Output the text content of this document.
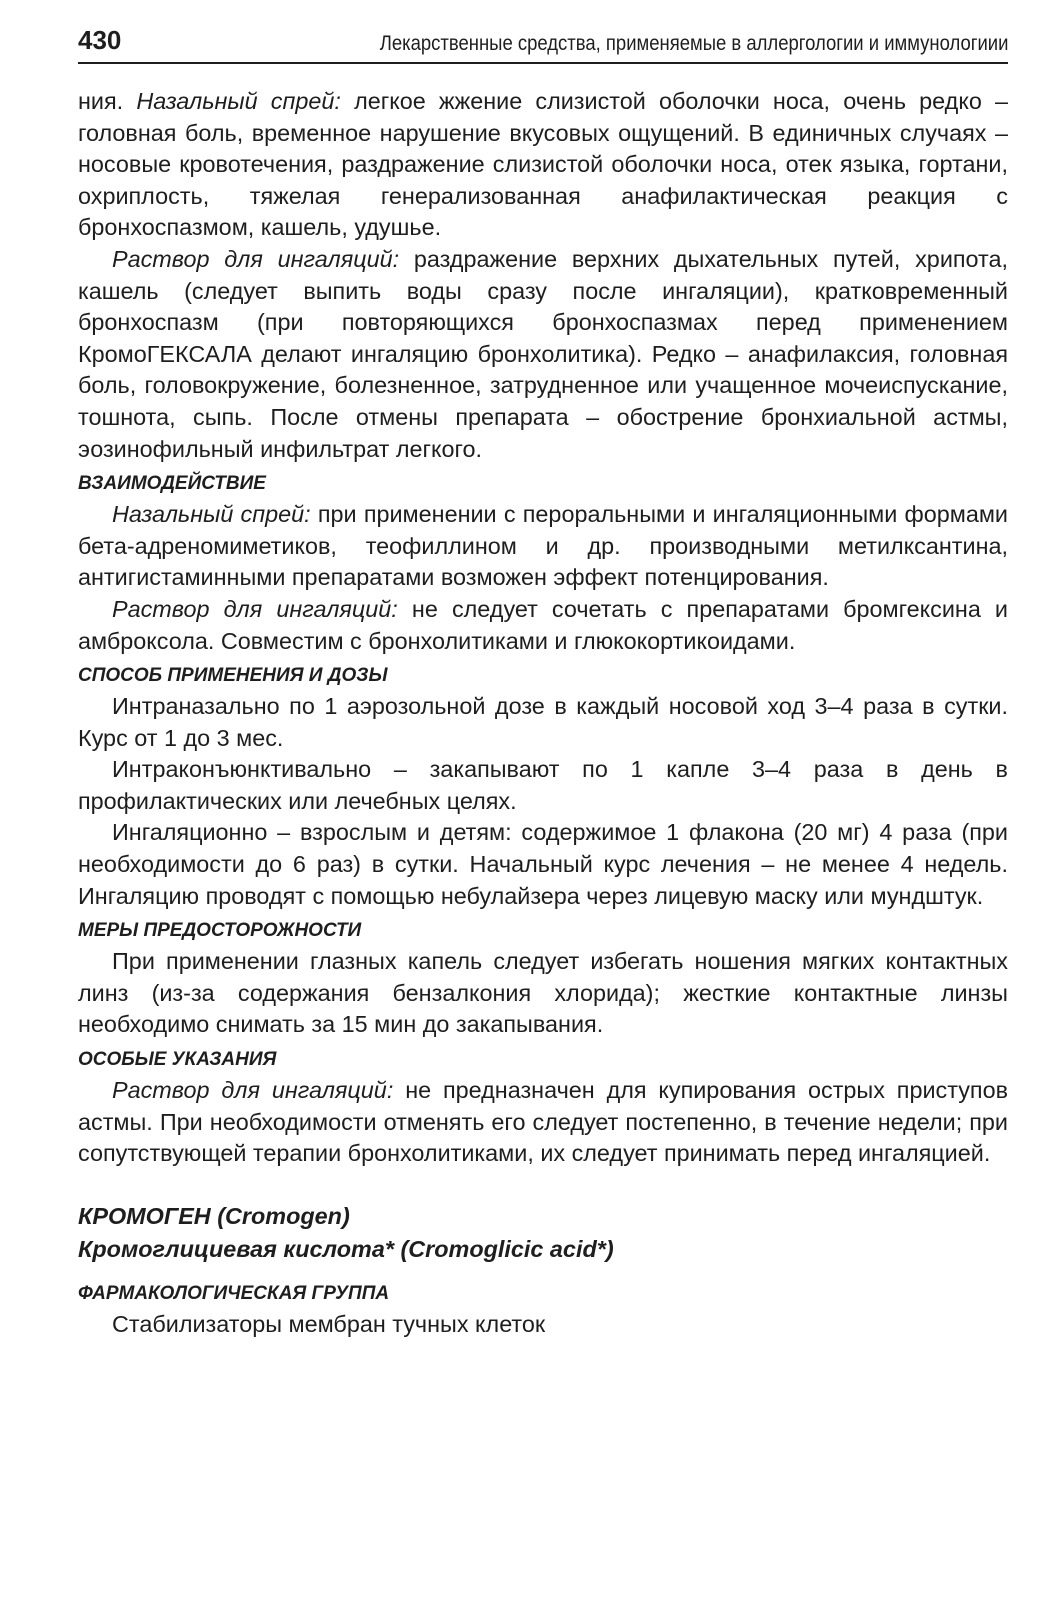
430	Лекарственные средства, применяемые в аллергологии и иммунологиии

ния. Назальный спрей: легкое жжение слизистой оболочки носа, очень редко – головная боль, временное нарушение вкусовых ощущений. В единичных случаях – носовые кровотечения, раздражение слизистой оболочки носа, отек языка, гортани, охриплость, тяжелая генерализованная анафилактическая реакция с бронхоспазмом, кашель, удушье.

Раствор для ингаляций: раздражение верхних дыхательных путей, хрипота, кашель (следует выпить воды сразу после ингаляции), кратковременный бронхоспазм (при повторяющихся бронхоспазмах перед применением КромоГЕКСАЛА делают ингаляцию бронхолитика). Редко – анафилаксия, головная боль, головокружение, болезненное, затрудненное или учащенное мочеиспускание, тошнота, сыпь. После отмены препарата – обострение бронхиальной астмы, эозинофильный инфильтрат легкого.

ВЗАИМОДЕЙСТВИЕ

Назальный спрей: при применении с пероральными и ингаляционными формами бета-адреномиметиков, теофиллином и др. производными метилксантина, антигистаминными препаратами возможен эффект потенцирования.

Раствор для ингаляций: не следует сочетать с препаратами бромгексина и амброксола. Совместим с бронхолитиками и глюкокортикоидами.

СПОСОБ ПРИМЕНЕНИЯ И ДОЗЫ

Интраназально по 1 аэрозольной дозе в каждый носовой ход 3–4 раза в сутки. Курс от 1 до 3 мес.

Интраконъюнктивально – закапывают по 1 капле 3–4 раза в день в профилактических или лечебных целях.

Ингаляционно – взрослым и детям: содержимое 1 флакона (20 мг) 4 раза (при необходимости до 6 раз) в сутки. Начальный курс лечения – не менее 4 недель. Ингаляцию проводят с помощью небулайзера через лицевую маску или мундштук.

МЕРЫ ПРЕДОСТОРОЖНОСТИ

При применении глазных капель следует избегать ношения мягких контактных линз (из-за содержания бензалкония хлорида); жесткие контактные линзы необходимо снимать за 15 мин до закапывания.

ОСОБЫЕ УКАЗАНИЯ

Раствор для ингаляций: не предназначен для купирования острых приступов астмы. При необходимости отменять его следует постепенно, в течение недели; при сопутствующей терапии бронхолитиками, их следует принимать перед ингаляцией.

КРОМОГЕН (Cromogen)
Кромоглициевая кислота* (Cromoglicic acid*)
ФАРМАКОЛОГИЧЕСКАЯ ГРУППА

Стабилизаторы мембран тучных клеток
